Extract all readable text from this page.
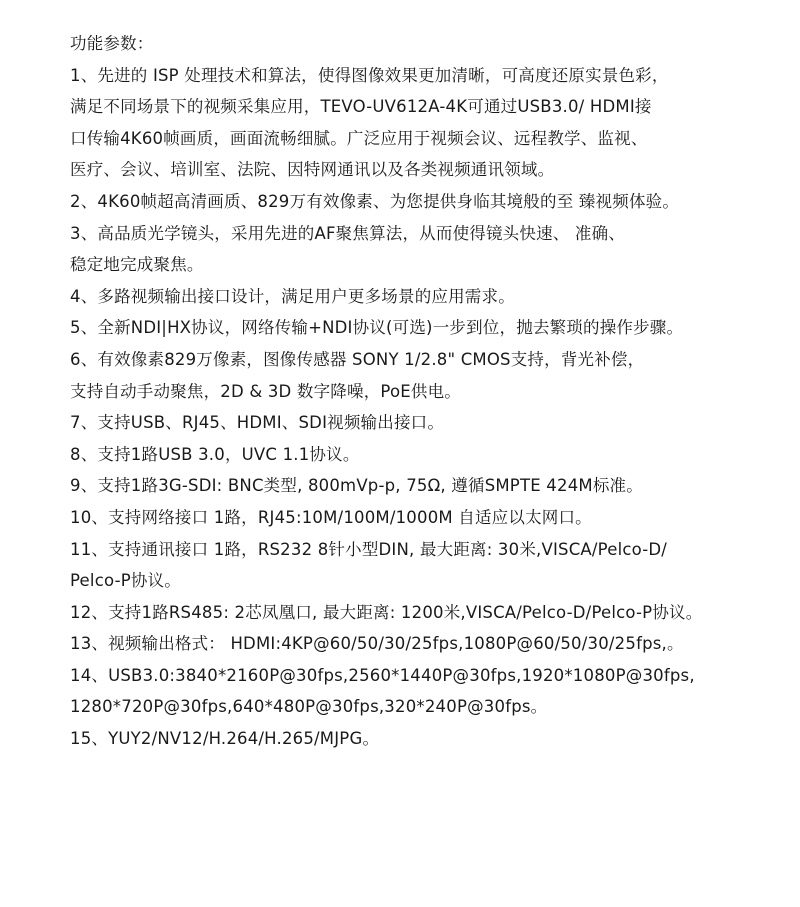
功能参数：
1、先进的 ISP 处理技术和算法，使得图像效果更加清晰，可高度还原实景色彩，
满足不同场景下的视频采集应用，TEVO-UV612A-4K可通过USB3.0/ HDMI接
口传输4K60帧画质，画面流畅细腻。广泛应用于视频会议、远程教学、监视、
医疗、会议、培训室、法院、因特网通讯以及各类视频通讯领域。
2、4K60帧超高清画质、829万有效像素、为您提供身临其境般的至 臻视频体验。
3、高品质光学镜头，采用先进的AF聚焦算法，从而使得镜头快速、 准确、
稳定地完成聚焦。
4、多路视频输出接口设计，满足用户更多场景的应用需求。
5、全新NDI|HX协议，网络传输+NDI协议(可选)一步到位，抛去繁琐的操作步骤。
6、有效像素829万像素，图像传感器 SONY 1/2.8" CMOS支持，背光补偿，
支持自动手动聚焦，2D & 3D 数字降噪，PoE供电。
7、支持USB、RJ45、HDMI、SDI视频输出接口。
8、支持1路USB 3.0，UVC 1.1协议。
9、支持1路3G-SDI: BNC类型, 800mVp-p, 75Ω, 遵循SMPTE 424M标准。
10、支持网络接口 1路，RJ45:10M/100M/1000M 自适应以太网口。
11、支持通讯接口 1路，RS232 8针小型DIN, 最大距离: 30米,VISCA/Pelco-D/
Pelco-P协议。
12、支持1路RS485: 2芯凤凰口, 最大距离: 1200米,VISCA/Pelco-D/Pelco-P协议。
13、视频输出格式： HDMI:4KP@60/50/30/25fps,1080P@60/50/30/25fps,。
14、USB3.0:3840*2160P@30fps,2560*1440P@30fps,1920*1080P@30fps,
1280*720P@30fps,640*480P@30fps,320*240P@30fps。
15、YUY2/NV12/H.264/H.265/MJPG。
